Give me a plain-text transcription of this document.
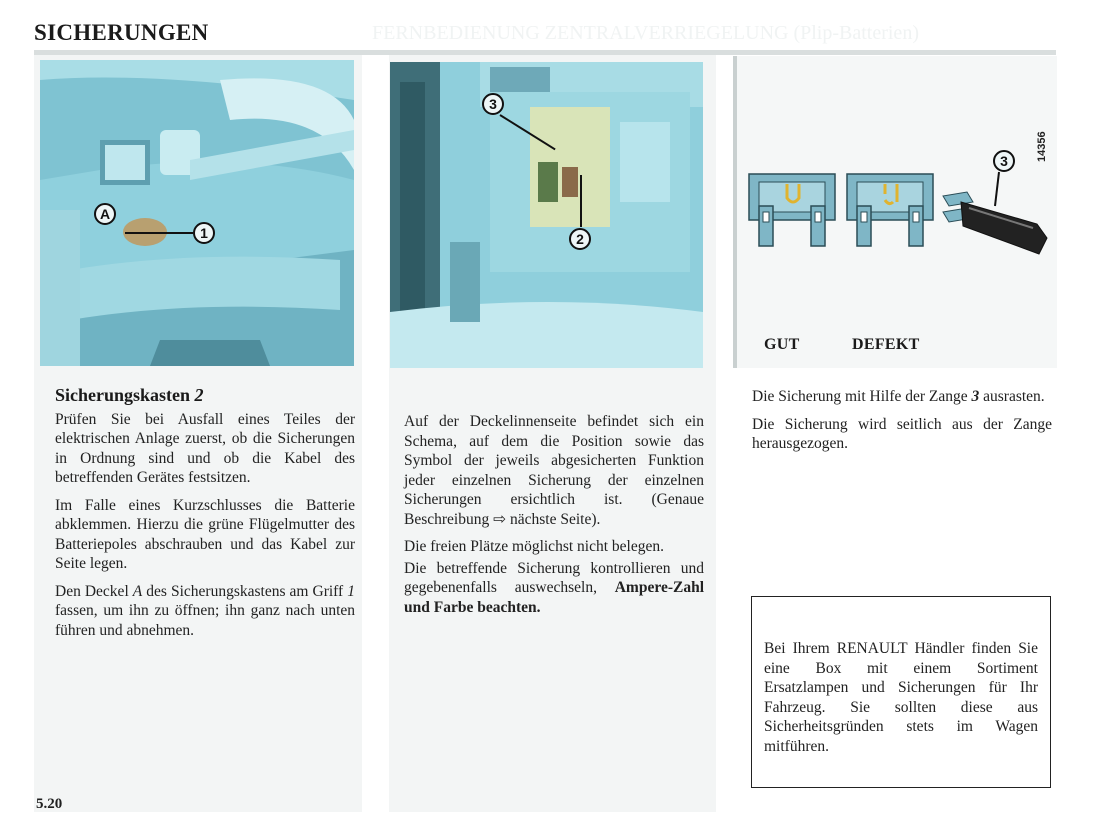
SICHERUNGEN	FERNBEDIENUNG ZENTRALVERRIEGELUNG (Plip-Batterien)
A
1
3
2
3	14356
GUT	DEFEKT
Sicherungskasten 2

Prüfen Sie bei Ausfall eines Teiles der elektrischen Anlage zuerst, ob die Sicherungen in Ordnung sind und ob die Kabel des betreffenden Gerätes festsitzen.

Im Falle eines Kurzschlusses die Batterie abklemmen. Hierzu die grüne Flügelmutter des Batteriepoles abschrauben und das Kabel zur Seite legen.

Den Deckel A des Sicherungskastens am Griff 1 fassen, um ihn zu öffnen; ihn ganz nach unten führen und abnehmen.

Auf der Deckelinnenseite befindet sich ein Schema, auf dem die Position sowie das Symbol der jeweils abgesicherten Funktion jeder einzelnen Sicherung der einzelnen Sicherungen ersichtlich ist. (Genaue Beschreibung ⇨ nächste Seite).

Die freien Plätze möglichst nicht belegen.

Die betreffende Sicherung kontrollieren und gegebenenfalls auswechseln, Ampere-Zahl und Farbe beachten.

Die Sicherung mit Hilfe der Zange 3 ausrasten.

Die Sicherung wird seitlich aus der Zange herausgezogen.

Bei Ihrem RENAULT Händler finden Sie eine Box mit einem Sortiment Ersatzlampen und Sicherungen für Ihr Fahrzeug. Sie sollten diese aus Sicherheitsgründen stets im Wagen mitführen.
5.20
